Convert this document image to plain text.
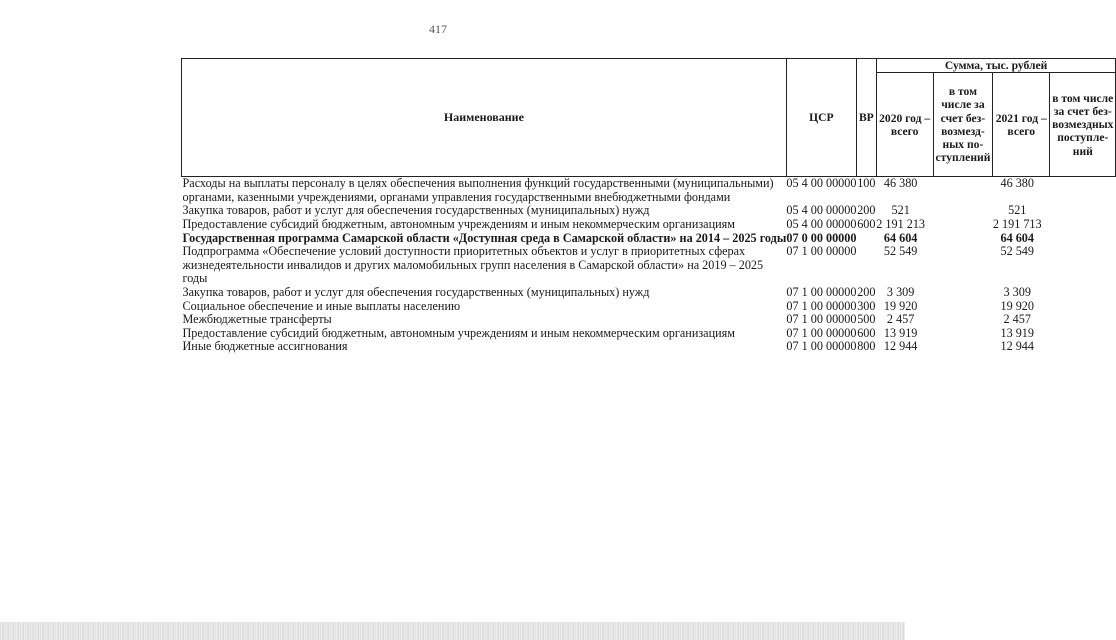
417
Наименование	ЦСР	ВР	Сумма, тыс. рублей			
			2020 год – всего	в том числе за счет без-возмезд-ных по-ступлений	2021 год – всего	в том числе за счет без-возмездных поступле-ний
Расходы на выплаты персоналу в целях обеспечения выполнения функций государственными (муниципальными) органами, казенными учреждениями, органами управления государственными внебюджетными фондами	05 4 00 00000	100	46 380		46 380	
Закупка товаров, работ и услуг для обеспечения государственных (муниципальных) нужд	05 4 00 00000	200	521		521	
Предоставление субсидий бюджетным, автономным учреждениям и иным некоммерческим организациям	05 4 00 00000	600	2 191 213		2 191 713	
Государственная программа Самарской области «Доступная среда в Самарской области» на 2014 – 2025 годы	07 0 00 00000		64 604		64 604	
Подпрограмма «Обеспечение условий доступности приоритетных объектов и услуг в приоритетных сферах жизнедеятельности инвалидов и других маломобильных групп населения в Самарской области» на 2019 – 2025 годы	07 1 00 00000		52 549		52 549	
Закупка товаров, работ и услуг для обеспечения государственных (муниципальных) нужд	07 1 00 00000	200	3 309		3 309	
Социальное обеспечение и иные выплаты населению	07 1 00 00000	300	19 920		19 920	
Межбюджетные трансферты	07 1 00 00000	500	2 457		2 457	
Предоставление субсидий бюджетным, автономным учреждениям и иным некоммерческим организациям	07 1 00 00000	600	13 919		13 919	
Иные бюджетные ассигнования	07 1 00 00000	800	12 944		12 944	
